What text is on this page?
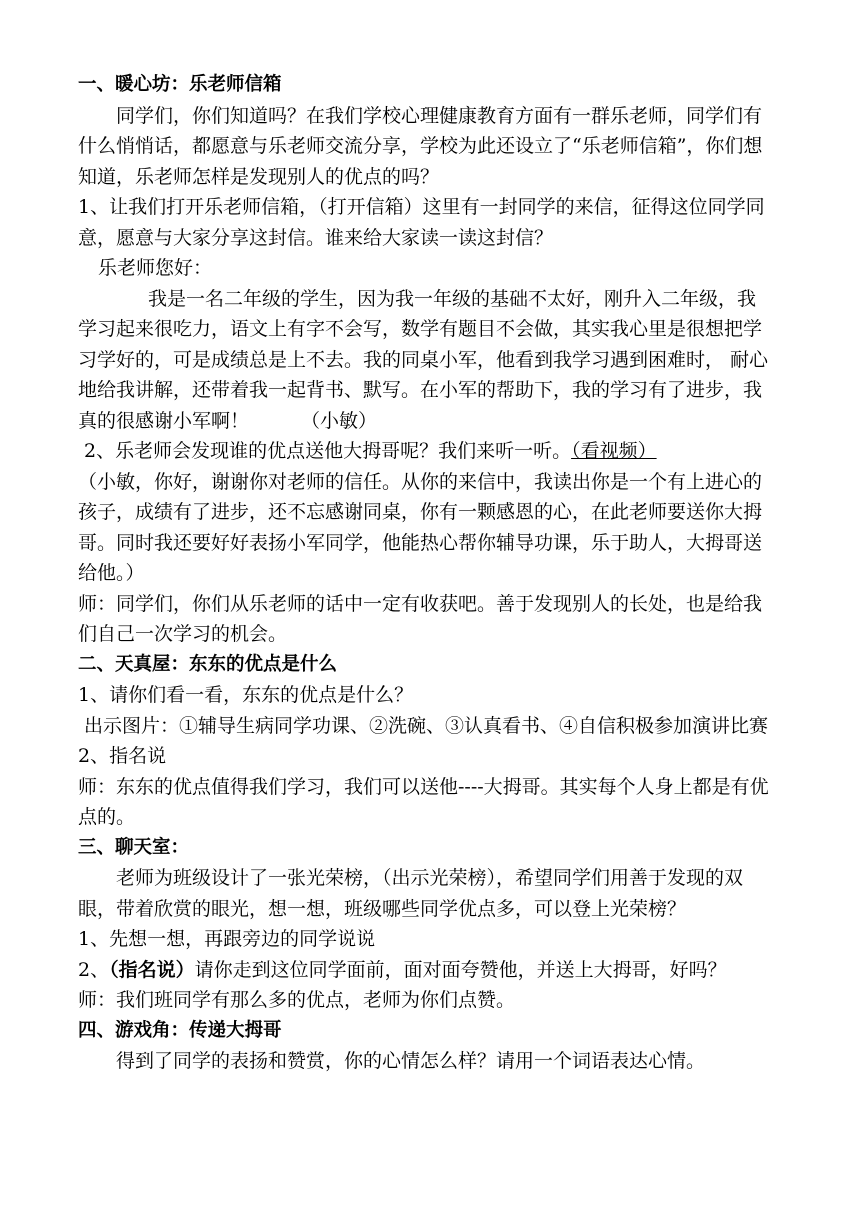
一、暖心坊：乐老师信箱

同学们，你们知道吗？在我们学校心理健康教育方面有一群乐老师，同学们有什么悄悄话，都愿意与乐老师交流分享，学校为此还设立了“乐老师信箱”，你们想知道，乐老师怎样是发现别人的优点的吗？

1、让我们打开乐老师信箱，（打开信箱）这里有一封同学的来信，征得这位同学同意，愿意与大家分享这封信。谁来给大家读一读这封信？

乐老师您好：

我是一名二年级的学生，因为我一年级的基础不太好，刚升入二年级，我学习起来很吃力，语文上有字不会写，数学有题目不会做，其实我心里是很想把学习学好的，可是成绩总是上不去。我的同桌小军，他看到我学习遇到困难时， 耐心地给我讲解，还带着我一起背书、默写。在小军的帮助下，我的学习有了进步，我真的很感谢小军啊！	（小敏）

2、乐老师会发现谁的优点送他大拇哥呢？我们来听一听。（看视频）

（小敏，你好，谢谢你对老师的信任。从你的来信中，我读出你是一个有上进心的孩子，成绩有了进步，还不忘感谢同桌，你有一颗感恩的心，在此老师要送你大拇哥。同时我还要好好表扬小军同学，他能热心帮你辅导功课，乐于助人，大拇哥送给他。）

师：同学们，你们从乐老师的话中一定有收获吧。善于发现别人的长处，也是给我们自己一次学习的机会。

二、天真屋：东东的优点是什么

1、请你们看一看，东东的优点是什么？

出示图片：①辅导生病同学功课、②洗碗、③认真看书、④自信积极参加演讲比赛

2、指名说

师：东东的优点值得我们学习，我们可以送他----大拇哥。其实每个人身上都是有优点的。

三、聊天室：

老师为班级设计了一张光荣榜，（出示光荣榜），希望同学们用善于发现的双眼，带着欣赏的眼光，想一想，班级哪些同学优点多，可以登上光荣榜？

1、先想一想，再跟旁边的同学说说

2、（指名说）请你走到这位同学面前，面对面夸赞他，并送上大拇哥，好吗？

师：我们班同学有那么多的优点，老师为你们点赞。

四、游戏角：传递大拇哥

得到了同学的表扬和赞赏，你的心情怎么样？请用一个词语表达心情。
